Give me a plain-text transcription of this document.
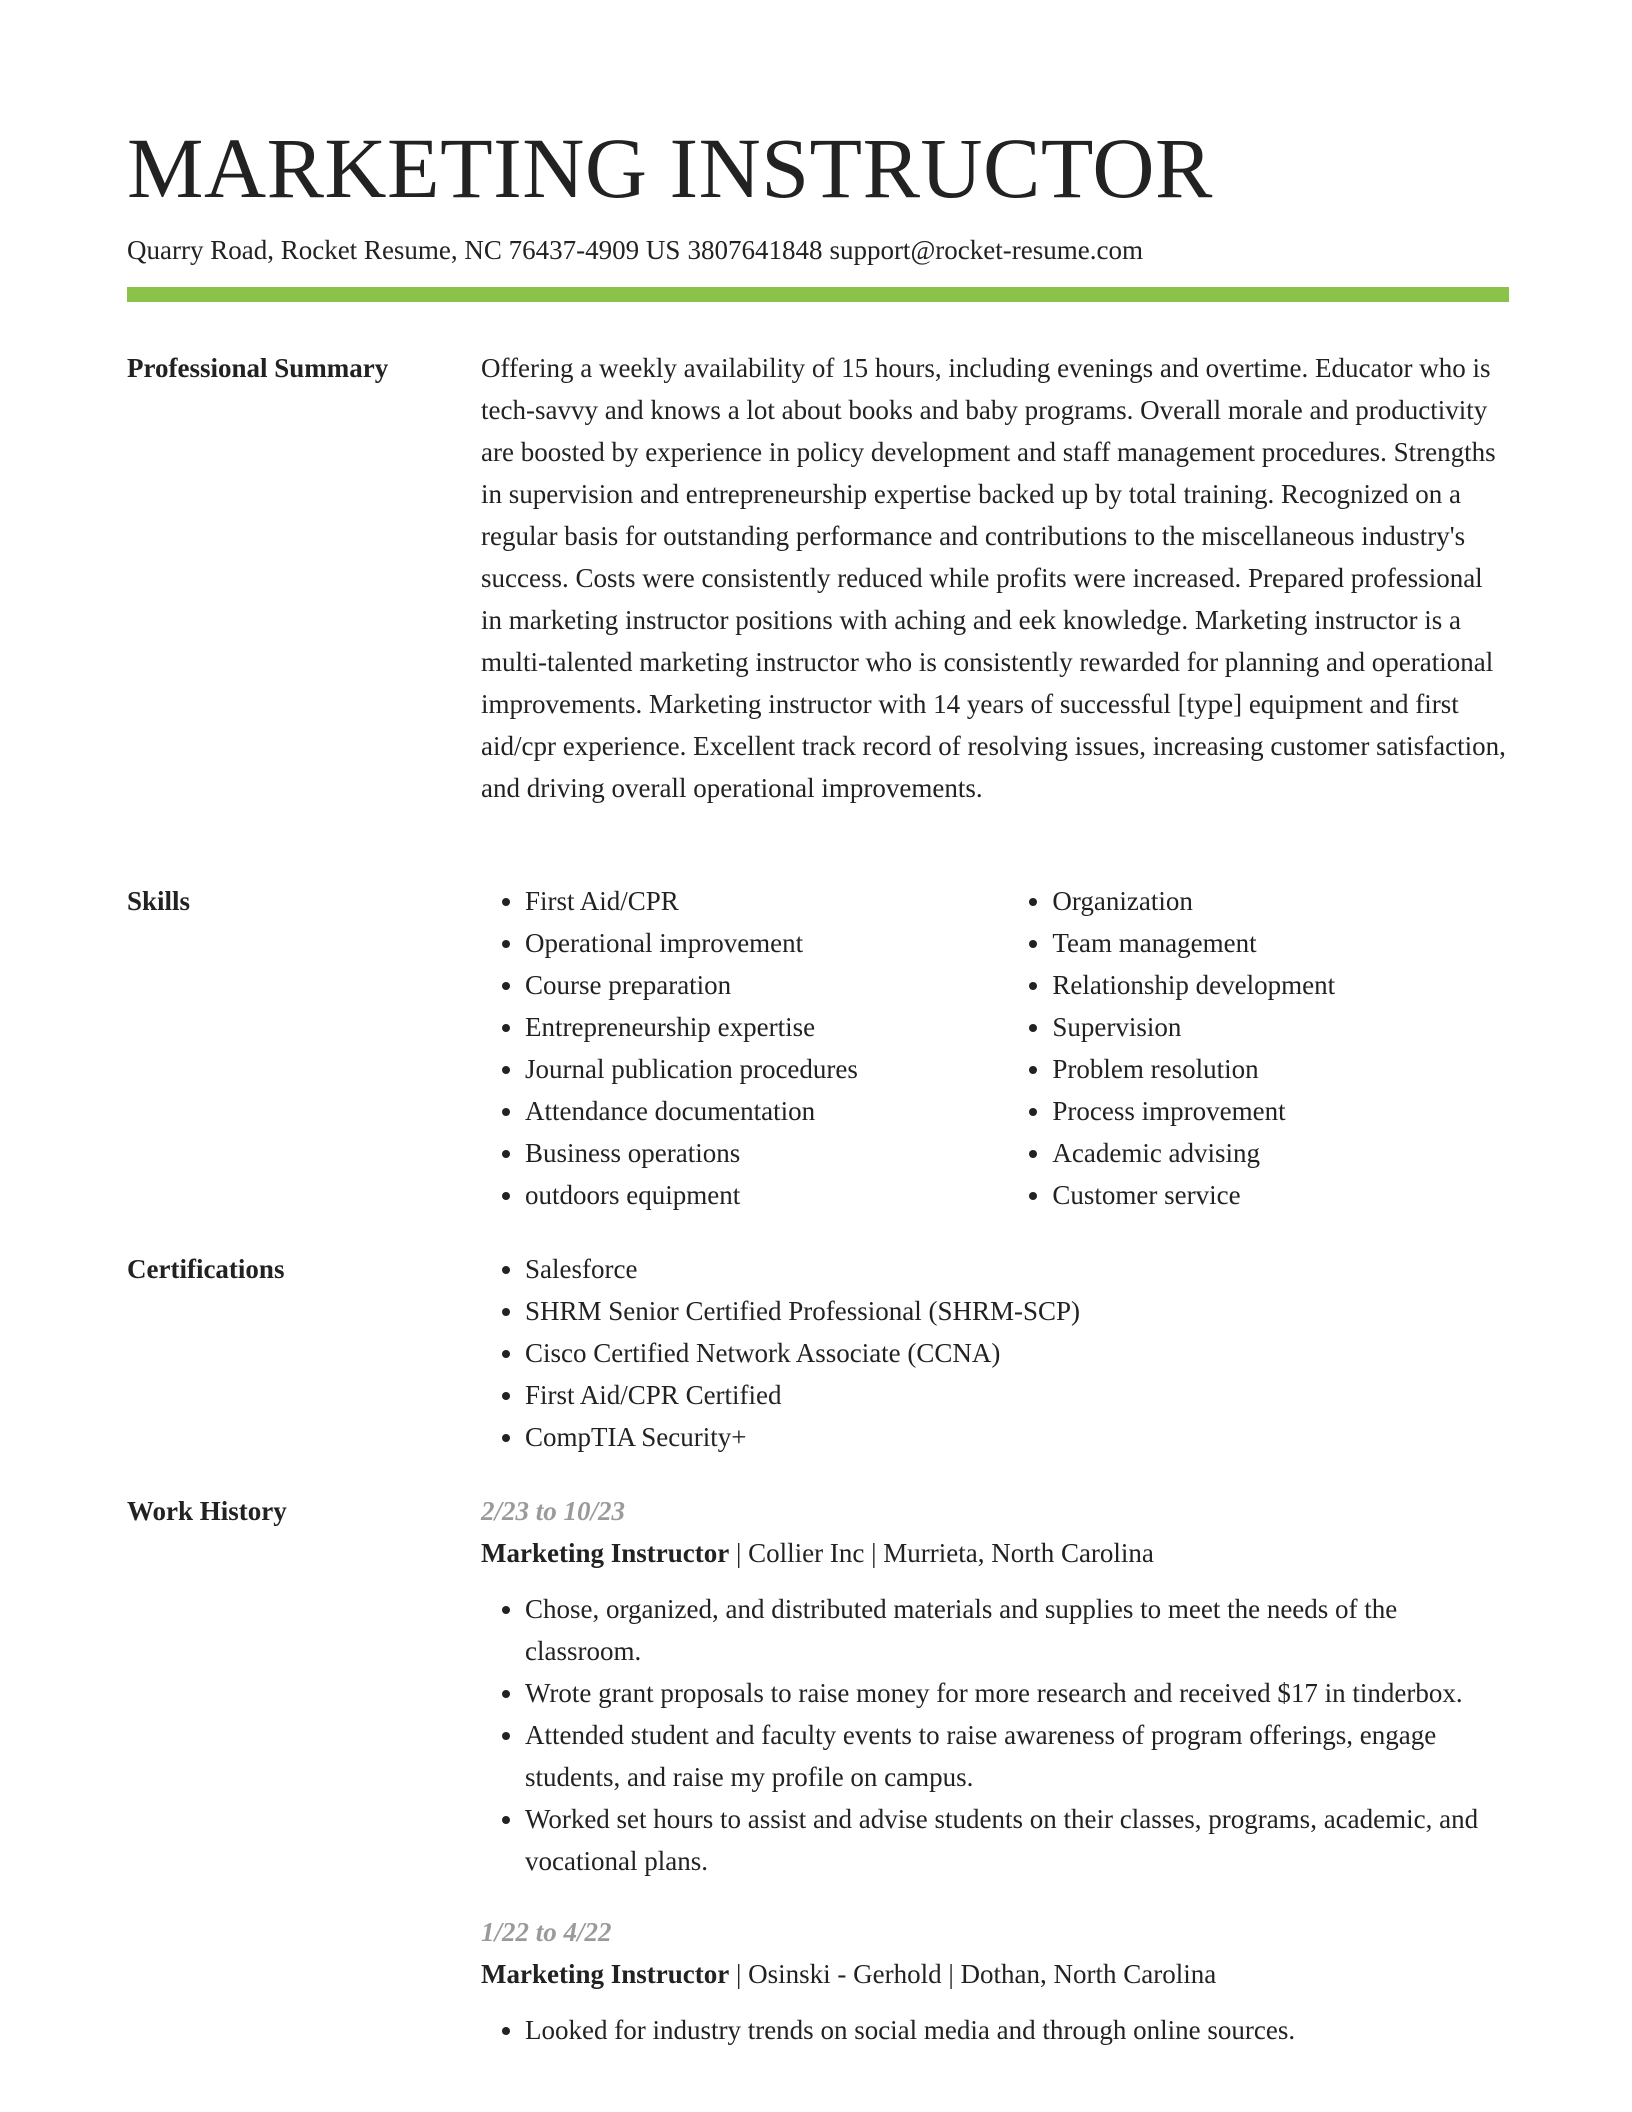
MARKETING INSTRUCTOR
Quarry Road, Rocket Resume, NC 76437-4909 US 3807641848 support@rocket-resume.com
Professional Summary	Offering a weekly availability of 15 hours, including evenings and overtime. Educator who is tech-savvy and knows a lot about books and baby programs. Overall morale and productivity are boosted by experience in policy development and staff management procedures. Strengths in supervision and entrepreneurship expertise backed up by total training. Recognized on a regular basis for outstanding performance and contributions to the miscellaneous industry's success. Costs were consistently reduced while profits were increased. Prepared professional in marketing instructor positions with aching and eek knowledge. Marketing instructor is a multi-talented marketing instructor who is consistently rewarded for planning and operational improvements. Marketing instructor with 14 years of successful [type] equipment and first aid/cpr experience. Excellent track record of resolving issues, increasing customer satisfaction, and driving overall operational improvements.

Skills	• First Aid/CPR
• Operational improvement
• Course preparation
• Entrepreneurship expertise
• Journal publication procedures
• Attendance documentation
• Business operations
• outdoors equipment
• Organization
• Team management
• Relationship development
• Supervision
• Problem resolution
• Process improvement
• Academic advising
• Customer service
Certifications	• Salesforce
• SHRM Senior Certified Professional (SHRM-SCP)
• Cisco Certified Network Associate (CCNA)
• First Aid/CPR Certified
• CompTIA Security+
Work History	2/23 to 10/23
Marketing Instructor | Collier Inc | Murrieta, North Carolina
• Chose, organized, and distributed materials and supplies to meet the needs of the classroom.
• Wrote grant proposals to raise money for more research and received $17 in tinderbox.
• Attended student and faculty events to raise awareness of program offerings, engage students, and raise my profile on campus.
• Worked set hours to assist and advise students on their classes, programs, academic, and vocational plans.
1/22 to 4/22
Marketing Instructor | Osinski - Gerhold | Dothan, North Carolina
• Looked for industry trends on social media and through online sources.
